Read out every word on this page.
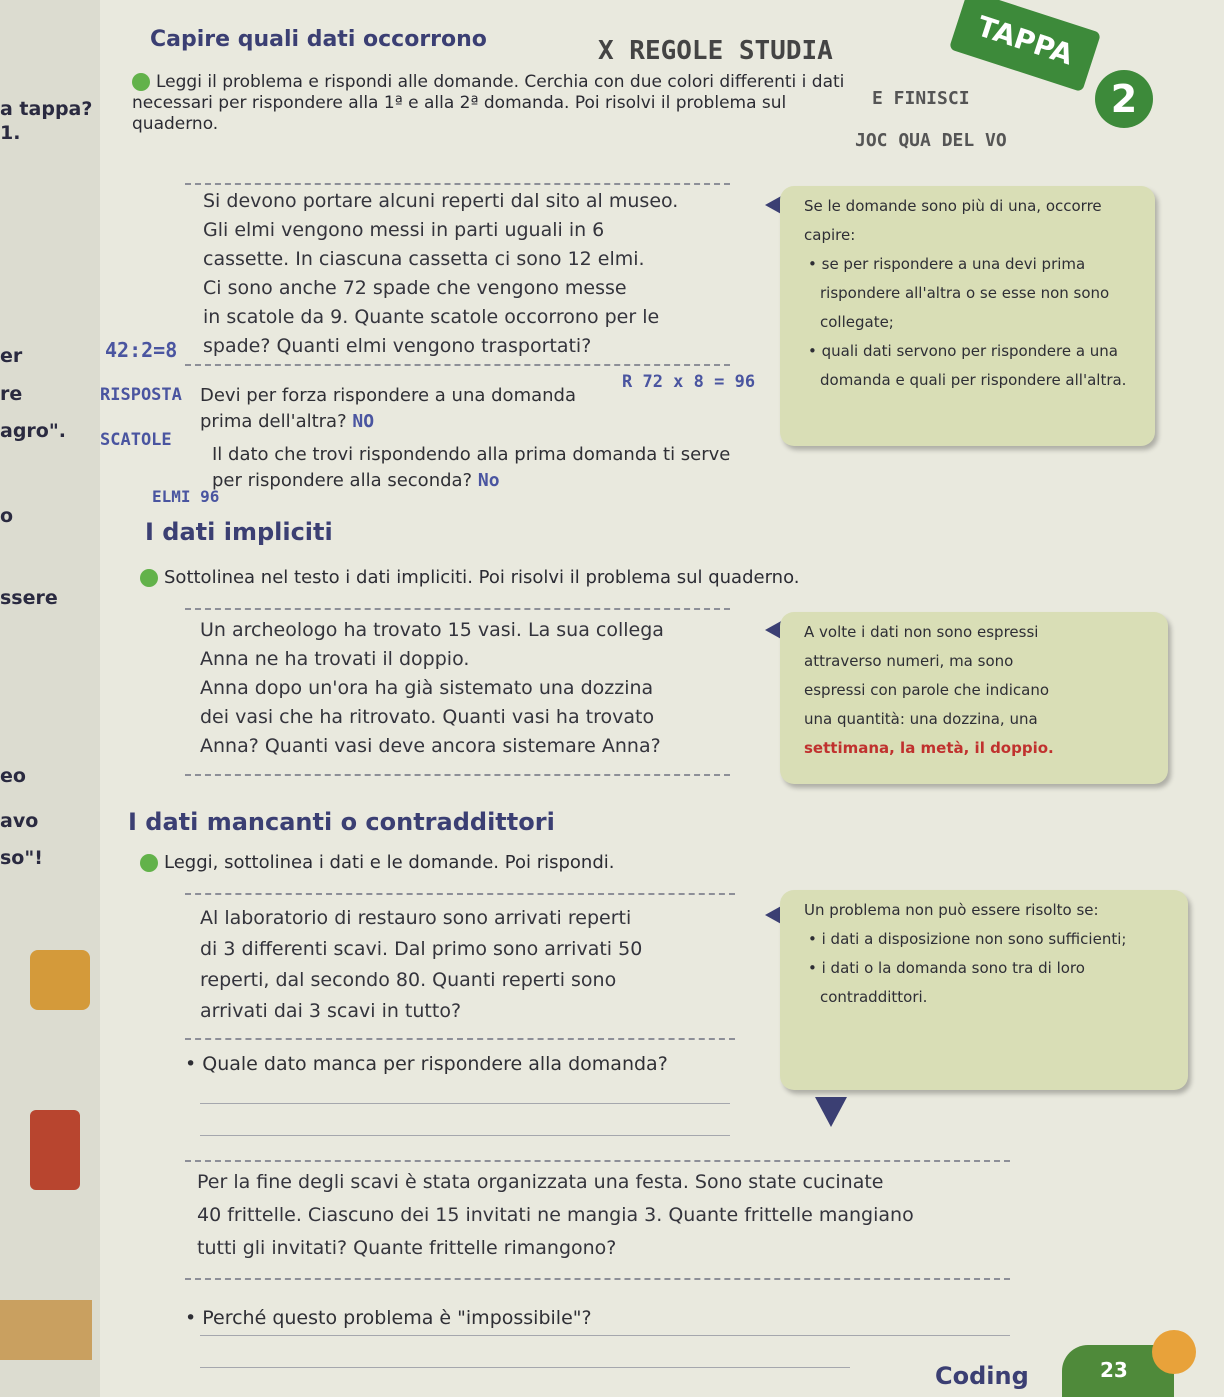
a tappa?
1.
er
re
agro".
o
ssere
eo
avo
so"!
Capire quali dati occorrono	X REGOLE STUDIA
E FINISCI
JOC QUA DEL VO
TAPPA
2
Leggi il problema e rispondi alle domande. Cerchia con due colori differenti i dati necessari per rispondere alla 1ª e alla 2ª domanda. Poi risolvi il problema sul quaderno.

Si devono portare alcuni reperti dal sito al museo.

Gli elmi vengono messi in parti uguali in 6

cassette. In ciascuna cassetta ci sono 12 elmi.

Ci sono anche 72 spade che vengono messe

in scatole da 9. Quante scatole occorrono per le

spade? Quanti elmi vengono trasportati?

42:2=8
RISPOSTA
SCATOLE
ELMI 96
R 72 x 8 = 96
Devi per forza rispondere a una domanda prima dell'altra? NO
Il dato che trovi rispondendo alla prima domanda ti serve per rispondere alla seconda? No

Se le domande sono più di una, occorre capire:

• se per rispondere a una devi prima rispondere all'altra o se esse non sono collegate;

• quali dati servono per rispondere a una domanda e quali per rispondere all'altra.

I dati impliciti
Sottolinea nel testo i dati impliciti. Poi risolvi il problema sul quaderno.

Un archeologo ha trovato 15 vasi. La sua collega

Anna ne ha trovati il doppio.

Anna dopo un'ora ha già sistemato una dozzina

dei vasi che ha ritrovato. Quanti vasi ha trovato

Anna? Quanti vasi deve ancora sistemare Anna?

A volte i dati non sono espressi

attraverso numeri, ma sono

espressi con parole che indicano

una quantità: una dozzina, una

settimana, la metà, il doppio.

I dati mancanti o contraddittori
Leggi, sottolinea i dati e le domande. Poi rispondi.

Al laboratorio di restauro sono arrivati reperti

di 3 differenti scavi. Dal primo sono arrivati 50

reperti, dal secondo 80. Quanti reperti sono

arrivati dai 3 scavi in tutto?

• Quale dato manca per rispondere alla domanda?

Un problema non può essere risolto se:

• i dati a disposizione non sono sufficienti;

• i dati o la domanda sono tra di loro contraddittori.

Per la fine degli scavi è stata organizzata una festa. Sono state cucinate

40 frittelle. Ciascuno dei 15 invitati ne mangia 3. Quante frittelle mangiano

tutti gli invitati? Quante frittelle rimangono?

• Perché questo problema è "impossibile"?
Coding	23
